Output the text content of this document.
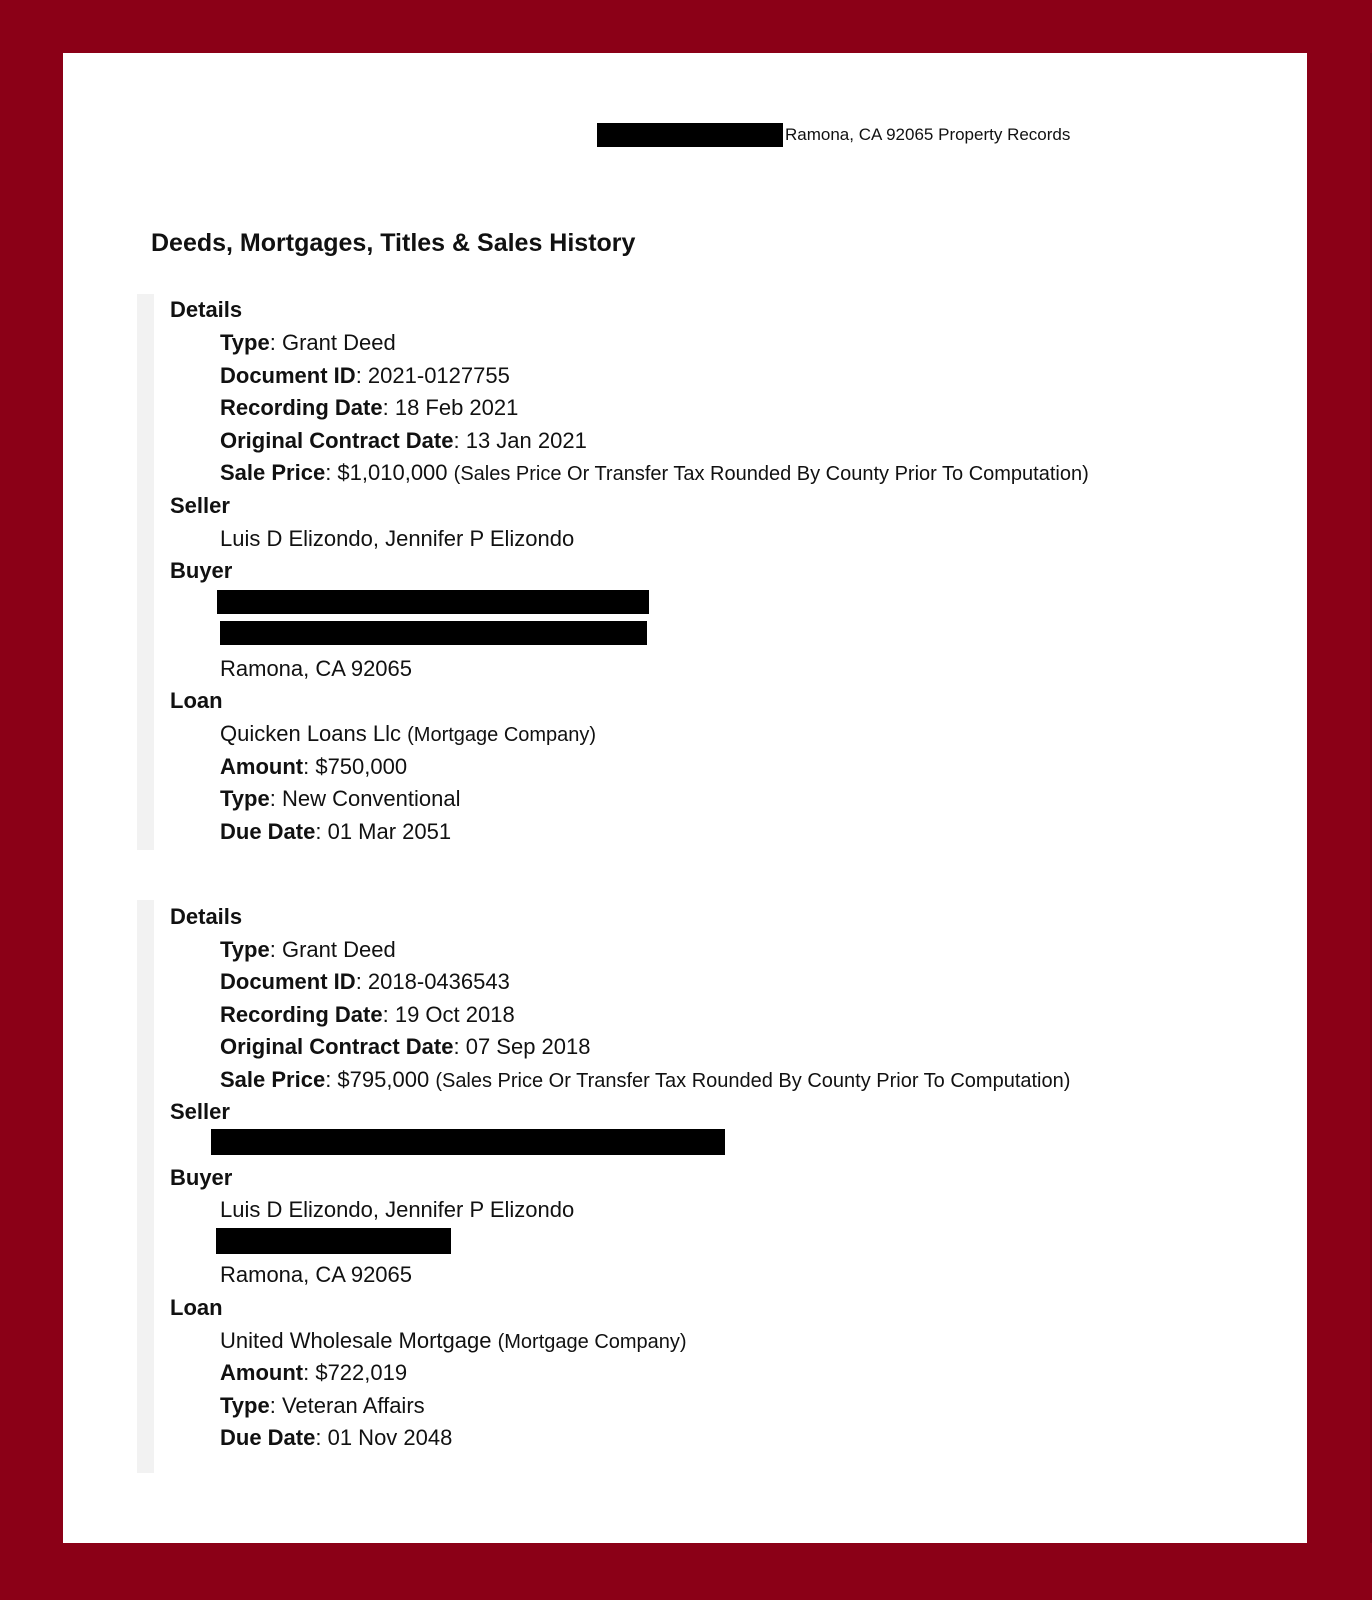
Ramona, CA 92065 Property Records
Deeds, Mortgages, Titles & Sales History
Details
Type: Grant Deed
Document ID: 2021-0127755
Recording Date: 18 Feb 2021
Original Contract Date: 13 Jan 2021
Sale Price: $1,010,000 (Sales Price Or Transfer Tax Rounded By County Prior To Computation)
Seller
Luis D Elizondo, Jennifer P Elizondo
Buyer
Ramona, CA 92065
Loan
Quicken Loans Llc (Mortgage Company)
Amount: $750,000
Type: New Conventional
Due Date: 01 Mar 2051
Details
Type: Grant Deed
Document ID: 2018-0436543
Recording Date: 19 Oct 2018
Original Contract Date: 07 Sep 2018
Sale Price: $795,000 (Sales Price Or Transfer Tax Rounded By County Prior To Computation)
Seller
Buyer
Luis D Elizondo, Jennifer P Elizondo
Ramona, CA 92065
Loan
United Wholesale Mortgage (Mortgage Company)
Amount: $722,019
Type: Veteran Affairs
Due Date: 01 Nov 2048
